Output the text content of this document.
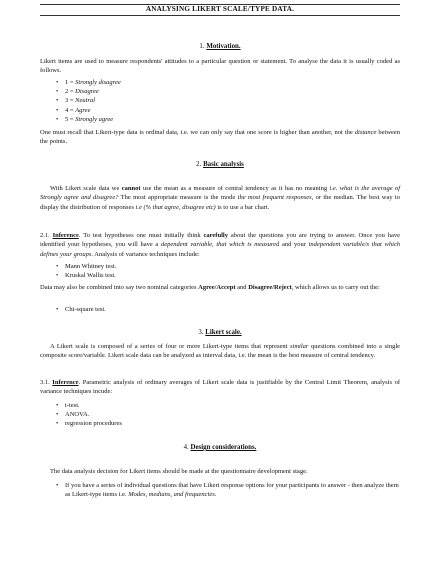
ANALYSING LIKERT SCALE/TYPE DATA.
1. Motivation.
Likert items are used to measure respondents' attitudes to a particular question or statement. To analyse the data it is usually coded as follows.
• 1 = Strongly disagree
• 2 = Disagree
• 3 = Neutral
• 4 = Agree
• 5 = Strongly agree
One must recall that Likert-type data is ordinal data, i.e. we can only say that one score is higher than another, not the distance between the points.
2. Basic analysis
With Likert scale data we cannot use the mean as a measure of central tendency as it has no meaning i.e. what is the average of Strongly agree and disagree? The most appropriate measure is the mode the most frequent responses, or the median. The best way to display the distribution of responses i.e (% that agree, disagree etc) is to use a bar chart.
2.1. Inference. To test hypotheses one must initially think carefully about the questions you are trying to answer. Once you have identified your hypotheses, you will have a dependent variable, that which is measured and your independent variable/s that which defines your groups. Analysis of variance techniques include:
• Mann Whitney test.
• Kruskal Wallis test.
Data may also be combined into say two nominal categories Agree/Accept and Disagree/Reject, which allows us to carry out the:
• Chi-square test.
3. Likert scale.
A Likert scale is composed of a series of four or more Likert-type items that represent similar questions combined into a single composite score/variable. Likert scale data can be analyzed as interval data, i.e. the mean is the best measure of central tendency.
3.1. Inference. Parametric analysis of ordinary averages of Likert scale data is justifiable by the Central Limit Theorem, analysis of variance techniques incude:
• t-test.
• ANOVA.
• regression procedures
4. Design considerations.
The data analysis decision for Likert items should be made at the questionnaire development stage.
• If you have a series of individual questions that have Likert response options for your participants to answer - then analyze them as Likert-type items i.e. Modes, medians, and frequencies.
